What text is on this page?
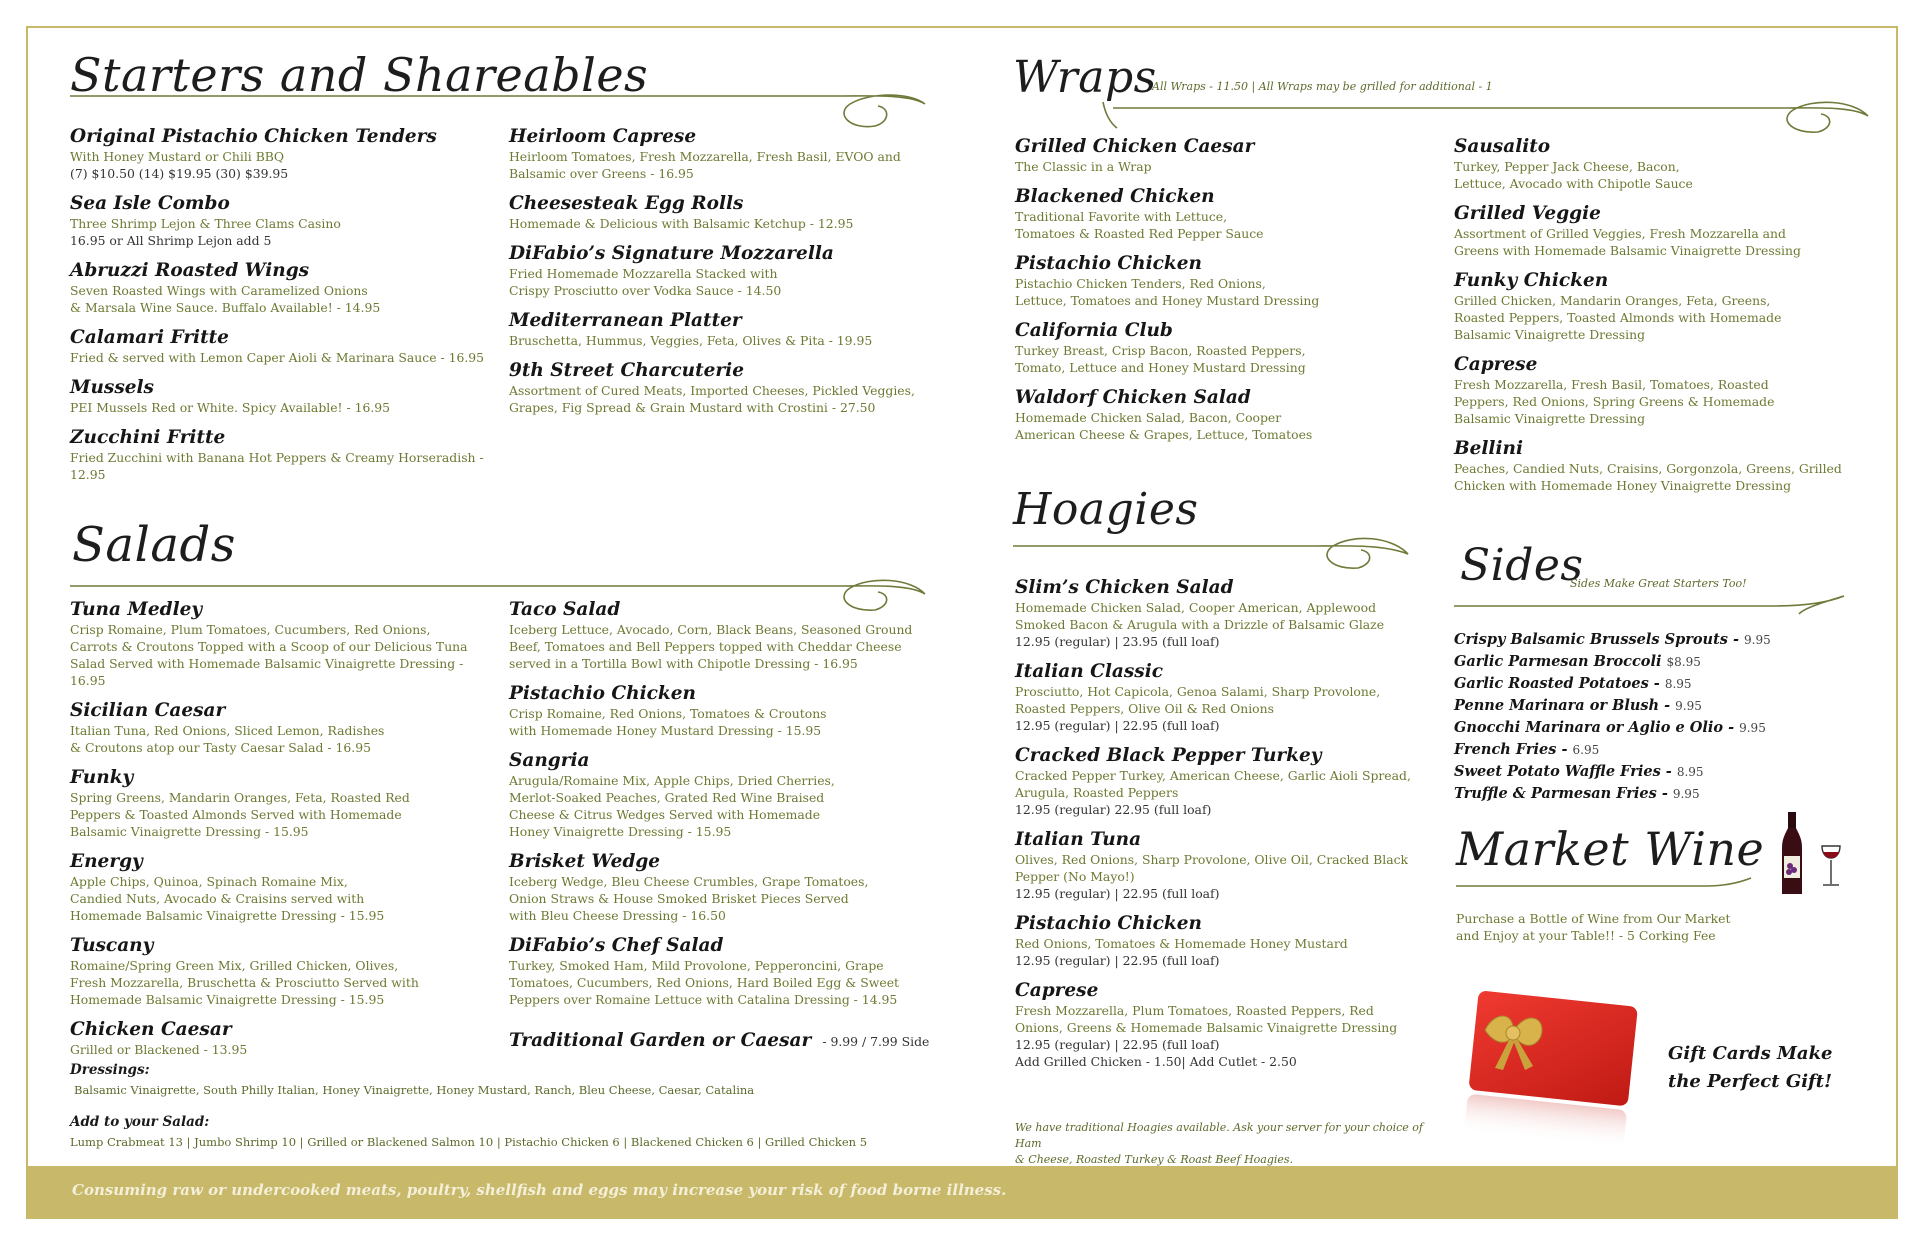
Starters and Shareables
Original Pistachio Chicken Tenders
With Honey Mustard or Chili BBQ
(7) $10.50 (14) $19.95 (30) $39.95
Sea Isle Combo
Three Shrimp Lejon & Three Clams Casino
16.95 or All Shrimp Lejon add 5
Abruzzi Roasted Wings
Seven Roasted Wings with Caramelized Onions
& Marsala Wine Sauce. Buffalo Available! - 14.95
Calamari Fritte
Fried & served with Lemon Caper Aioli & Marinara Sauce - 16.95
Mussels
PEI Mussels Red or White. Spicy Available! - 16.95
Zucchini Fritte
Fried Zucchini with Banana Hot Peppers & Creamy Horseradish - 12.95
Heirloom Caprese
Heirloom Tomatoes, Fresh Mozzarella, Fresh Basil, EVOO and
Balsamic over Greens - 16.95
Cheesesteak Egg Rolls
Homemade & Delicious with Balsamic Ketchup - 12.95
DiFabio’s Signature Mozzarella
Fried Homemade Mozzarella Stacked with
Crispy Prosciutto over Vodka Sauce - 14.50
Mediterranean Platter
Bruschetta, Hummus, Veggies, Feta, Olives & Pita - 19.95
9th Street Charcuterie
Assortment of Cured Meats, Imported Cheeses, Pickled Veggies,
Grapes, Fig Spread & Grain Mustard with Crostini - 27.50
Salads
Tuna Medley
Crisp Romaine, Plum Tomatoes, Cucumbers, Red Onions,
Carrots & Croutons Topped with a Scoop of our Delicious Tuna
Salad Served with Homemade Balsamic Vinaigrette Dressing - 16.95
Sicilian Caesar
Italian Tuna, Red Onions, Sliced Lemon, Radishes
& Croutons atop our Tasty Caesar Salad - 16.95
Funky
Spring Greens, Mandarin Oranges, Feta, Roasted Red
Peppers & Toasted Almonds Served with Homemade
Balsamic Vinaigrette Dressing - 15.95
Energy
Apple Chips, Quinoa, Spinach Romaine Mix,
Candied Nuts, Avocado & Craisins served with
Homemade Balsamic Vinaigrette Dressing - 15.95
Tuscany
Romaine/Spring Green Mix, Grilled Chicken, Olives,
Fresh Mozzarella, Bruschetta & Prosciutto Served with
Homemade Balsamic Vinaigrette Dressing - 15.95
Chicken Caesar
Grilled or Blackened - 13.95
Taco Salad
Iceberg Lettuce, Avocado, Corn, Black Beans, Seasoned Ground
Beef, Tomatoes and Bell Peppers topped with Cheddar Cheese
served in a Tortilla Bowl with Chipotle Dressing - 16.95
Pistachio Chicken
Crisp Romaine, Red Onions, Tomatoes & Croutons
with Homemade Honey Mustard Dressing - 15.95
Sangria
Arugula/Romaine Mix, Apple Chips, Dried Cherries,
Merlot-Soaked Peaches, Grated Red Wine Braised
Cheese & Citrus Wedges Served with Homemade
Honey Vinaigrette Dressing - 15.95
Brisket Wedge
Iceberg Wedge, Bleu Cheese Crumbles, Grape Tomatoes,
Onion Straws & House Smoked Brisket Pieces Served
with Bleu Cheese Dressing - 16.50
DiFabio’s Chef Salad
Turkey, Smoked Ham, Mild Provolone, Pepperoncini, Grape
Tomatoes, Cucumbers, Red Onions, Hard Boiled Egg & Sweet
Peppers over Romaine Lettuce with Catalina Dressing - 14.95
Traditional Garden or Caesar - 9.99 / 7.99 Side
Dressings:
Balsamic Vinaigrette, South Philly Italian, Honey Vinaigrette, Honey Mustard, Ranch, Bleu Cheese, Caesar, Catalina
Add to your Salad:
Lump Crabmeat 13 | Jumbo Shrimp 10 | Grilled or Blackened Salmon 10 | Pistachio Chicken 6 | Blackened Chicken 6 | Grilled Chicken 5
Wraps
All Wraps - 11.50 | All Wraps may be grilled for additional - 1
Grilled Chicken Caesar
The Classic in a Wrap
Blackened Chicken
Traditional Favorite with Lettuce,
Tomatoes & Roasted Red Pepper Sauce
Pistachio Chicken
Pistachio Chicken Tenders, Red Onions,
Lettuce, Tomatoes and Honey Mustard Dressing
California Club
Turkey Breast, Crisp Bacon, Roasted Peppers,
Tomato, Lettuce and Honey Mustard Dressing
Waldorf Chicken Salad
Homemade Chicken Salad, Bacon, Cooper
American Cheese & Grapes, Lettuce, Tomatoes
Sausalito
Turkey, Pepper Jack Cheese, Bacon,
Lettuce, Avocado with Chipotle Sauce
Grilled Veggie
Assortment of Grilled Veggies, Fresh Mozzarella and
Greens with Homemade Balsamic Vinaigrette Dressing
Funky Chicken
Grilled Chicken, Mandarin Oranges, Feta, Greens,
Roasted Peppers, Toasted Almonds with Homemade
Balsamic Vinaigrette Dressing
Caprese
Fresh Mozzarella, Fresh Basil, Tomatoes, Roasted
Peppers, Red Onions, Spring Greens & Homemade
Balsamic Vinaigrette Dressing
Bellini
Peaches, Candied Nuts, Craisins, Gorgonzola, Greens, Grilled
Chicken with Homemade Honey Vinaigrette Dressing
Hoagies
Slim’s Chicken Salad
Homemade Chicken Salad, Cooper American, Applewood
Smoked Bacon & Arugula with a Drizzle of Balsamic Glaze
12.95 (regular) | 23.95 (full loaf)
Italian Classic
Prosciutto, Hot Capicola, Genoa Salami, Sharp Provolone,
Roasted Peppers, Olive Oil & Red Onions
12.95 (regular) | 22.95 (full loaf)
Cracked Black Pepper Turkey
Cracked Pepper Turkey, American Cheese, Garlic Aioli Spread,
Arugula, Roasted Peppers
12.95 (regular) 22.95 (full loaf)
Italian Tuna
Olives, Red Onions, Sharp Provolone, Olive Oil, Cracked Black
Pepper (No Mayo!)
12.95 (regular) | 22.95 (full loaf)
Pistachio Chicken
Red Onions, Tomatoes & Homemade Honey Mustard
12.95 (regular) | 22.95 (full loaf)
Caprese
Fresh Mozzarella, Plum Tomatoes, Roasted Peppers, Red
Onions, Greens & Homemade Balsamic Vinaigrette Dressing
12.95 (regular) | 22.95 (full loaf)
Add Grilled Chicken - 1.50| Add Cutlet - 2.50
We have traditional Hoagies available. Ask your server for your choice of Ham
& Cheese, Roasted Turkey & Roast Beef Hoagies.
Sides
Sides Make Great Starters Too!
Crispy Balsamic Brussels Sprouts - 9.95
Garlic Parmesan Broccoli $8.95
Garlic Roasted Potatoes - 8.95
Penne Marinara or Blush - 9.95
Gnocchi Marinara or Aglio e Olio - 9.95
French Fries - 6.95
Sweet Potato Waffle Fries - 8.95
Truffle & Parmesan Fries - 9.95
Market Wine
Purchase a Bottle of Wine from Our Market
and Enjoy at your Table!! - 5 Corking Fee
Gift Cards Make
the Perfect Gift!
Consuming raw or undercooked meats, poultry, shellfish and eggs may increase your risk of food borne illness.
